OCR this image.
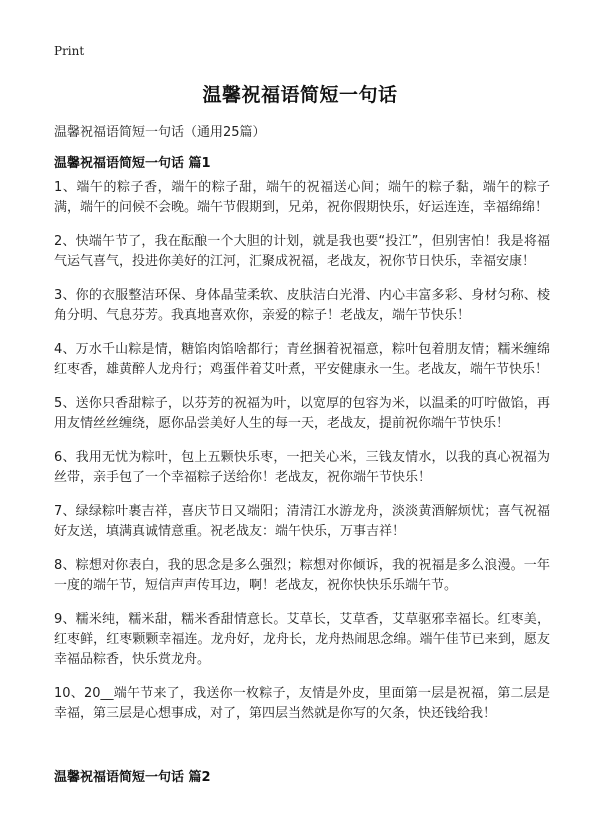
Print
温馨祝福语简短一句话
温馨祝福语简短一句话（通用25篇）
温馨祝福语简短一句话 篇1

1、端午的粽子香，端午的粽子甜，端午的祝福送心间；端午的粽子黏，端午的粽子满，端午的问候不会晚。端午节假期到，兄弟，祝你假期快乐，好运连连，幸福绵绵！

2、快端午节了，我在酝酿一个大胆的计划，就是我也要“投江”，但别害怕！我是将福气运气喜气，投进你美好的江河，汇聚成祝福，老战友，祝你节日快乐，幸福安康！

3、你的衣服整洁环保、身体晶莹柔软、皮肤洁白光滑、内心丰富多彩、身材匀称、棱角分明、气息芬芳。我真地喜欢你，亲爱的粽子！老战友，端午节快乐！

4、万水千山粽是情，糖馅肉馅啥都行；青丝捆着祝福意，粽叶包着朋友情；糯米缠绵红枣香，雄黄醉人龙舟行；鸡蛋伴着艾叶煮，平安健康永一生。老战友，端午节快乐！

5、送你只香甜粽子，以芬芳的祝福为叶，以宽厚的包容为米，以温柔的叮咛做馅，再用友情丝丝缠绕，愿你品尝美好人生的每一天，老战友，提前祝你端午节快乐！

6、我用无忧为粽叶，包上五颗快乐枣，一把关心米，三钱友情水，以我的真心祝福为丝带，亲手包了一个幸福粽子送给你！老战友，祝你端午节快乐！

7、绿绿粽叶裹吉祥，喜庆节日又端阳；清清江水游龙舟，淡淡黄酒解烦忧；喜气祝福好友送，填满真诚情意重。祝老战友：端午快乐，万事吉祥！

8、粽想对你表白，我的思念是多么强烈；粽想对你倾诉，我的祝福是多么浪漫。一年一度的端午节，短信声声传耳边，啊！老战友，祝你快快乐乐端午节。

9、糯米纯，糯米甜，糯米香甜情意长。艾草长，艾草香，艾草驱邪幸福长。红枣美，红枣鲜，红枣颗颗幸福连。龙舟好，龙舟长，龙舟热闹思念绵。端午佳节已来到，愿友幸福品粽香，快乐赏龙舟。

10、20__端午节来了，我送你一枚粽子，友情是外皮，里面第一层是祝福，第二层是幸福，第三层是心想事成，对了，第四层当然就是你写的欠条，快还钱给我！

温馨祝福语简短一句话 篇2
